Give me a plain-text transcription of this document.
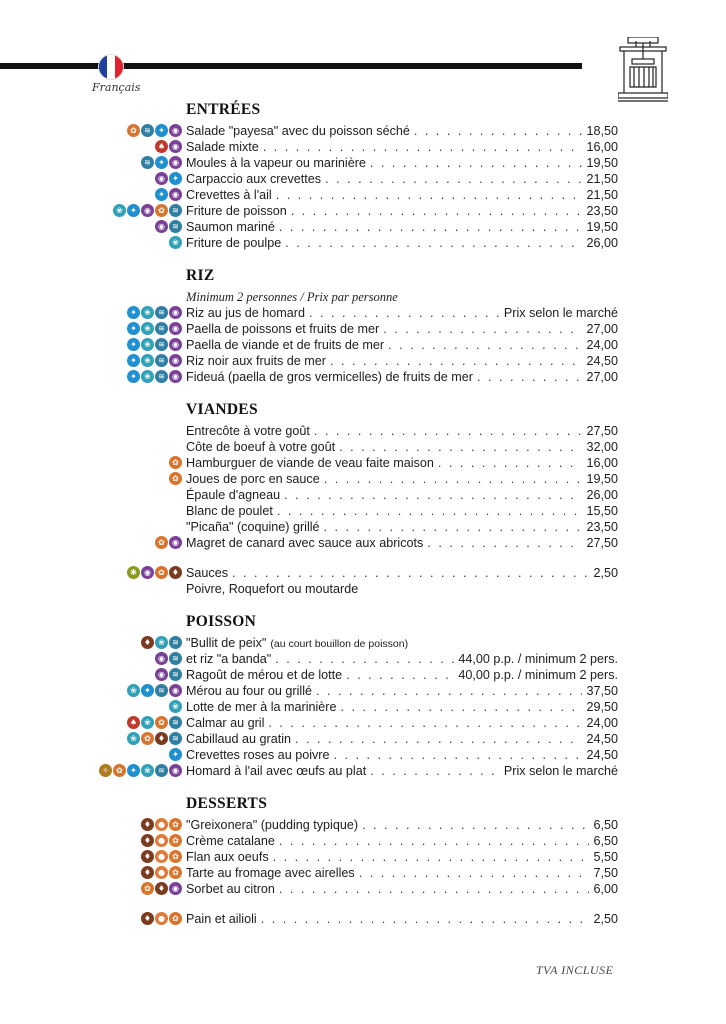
Français
ENTRÉES
✿ ≋ ✦ ◉ Salade "payesa" avec du poisson séché . . .	18,50
♠ ◉ Salade mixte . . .	16,00
≋ ✦ ◉ Moules à la vapeur ou marinière . . .	19,50
◉ ✦ Carpaccio aux crevettes . . .	21,50
✦ ◉ Crevettes à l'ail . . .	21,50
❀ ✦ ◉ ✿ ≋ Friture de poisson . . .	23,50
◉ ≋ Saumon mariné . . .	19,50
❀ Friture de poulpe . . .	26,00
RIZ
Minimum 2 personnes / Prix par personne
✦ ❀ ≋ ◉ Riz au jus de homard . . .	Prix selon le marché
✦ ❀ ≋ ◉ Paella de poissons et fruits de mer . . .	27,00
✦ ❀ ≋ ◉ Paella de viande et de fruits de mer . . .	24,00
✦ ❀ ≋ ◉ Riz noir aux fruits de mer . . .	24,50
✦ ❀ ≋ ◉ Fideuá (paella de gros vermicelles) de fruits de mer . . .	27,00
VIANDES
Entrecôte à votre goût . . .	27,50
Côte de boeuf à votre goût . . .	32,00
✿ Hamburguer de viande de veau faite maison . . .	16,00
✿ Joues de porc en sauce . . .	19,50
Épaule d'agneau . . .	26,00
Blanc de poulet . . .	15,50
"Picaña" (coquine) grillé . . .	23,50
✿ ◉ Magret de canard avec sauce aux abricots . . .	27,50
✱ ◉ ✿ ♦ Sauces . . .	2,50
Poivre, Roquefort ou moutarde
POISSON
♦ ❀ ≋ "Bullit de peix" (au court bouillon de poisson)
◉ ≋ et riz "a banda" . . .	44,00 p.p. / minimum 2 pers.
◉ ≋ Ragoût de mérou et de lotte . . .	40,00 p.p. / minimum 2 pers.
❀ ✦ ≋ ◉ Mérou au four ou grillé . . .	37,50
❀ Lotte de mer à la marinière . . .	29,50
♠ ❀ ✿ ≋ Calmar au gril . . .	24,00
❀ ✿ ♦ ≋ Cabillaud au gratin . . .	24,50
✦ Crevettes roses au poivre . . .	24,50
✧ ✿ ✦ ❀ ≋ ◉ Homard à l'ail avec œufs au plat . . .	Prix selon le marché
DESSERTS
♦ ● ✿ "Greixonera" (pudding typique) . . .	6,50
♦ ● ✿ Crème catalane . . .	6,50
♦ ● ✿ Flan aux oeufs . . .	5,50
♦ ● ✿ Tarte au fromage avec airelles . . .	7,50
✿ ♦ ◉ Sorbet au citron . . .	6,00
♦ ● ✿ Pain et ailioli . . .	2,50
TVA INCLUSE
